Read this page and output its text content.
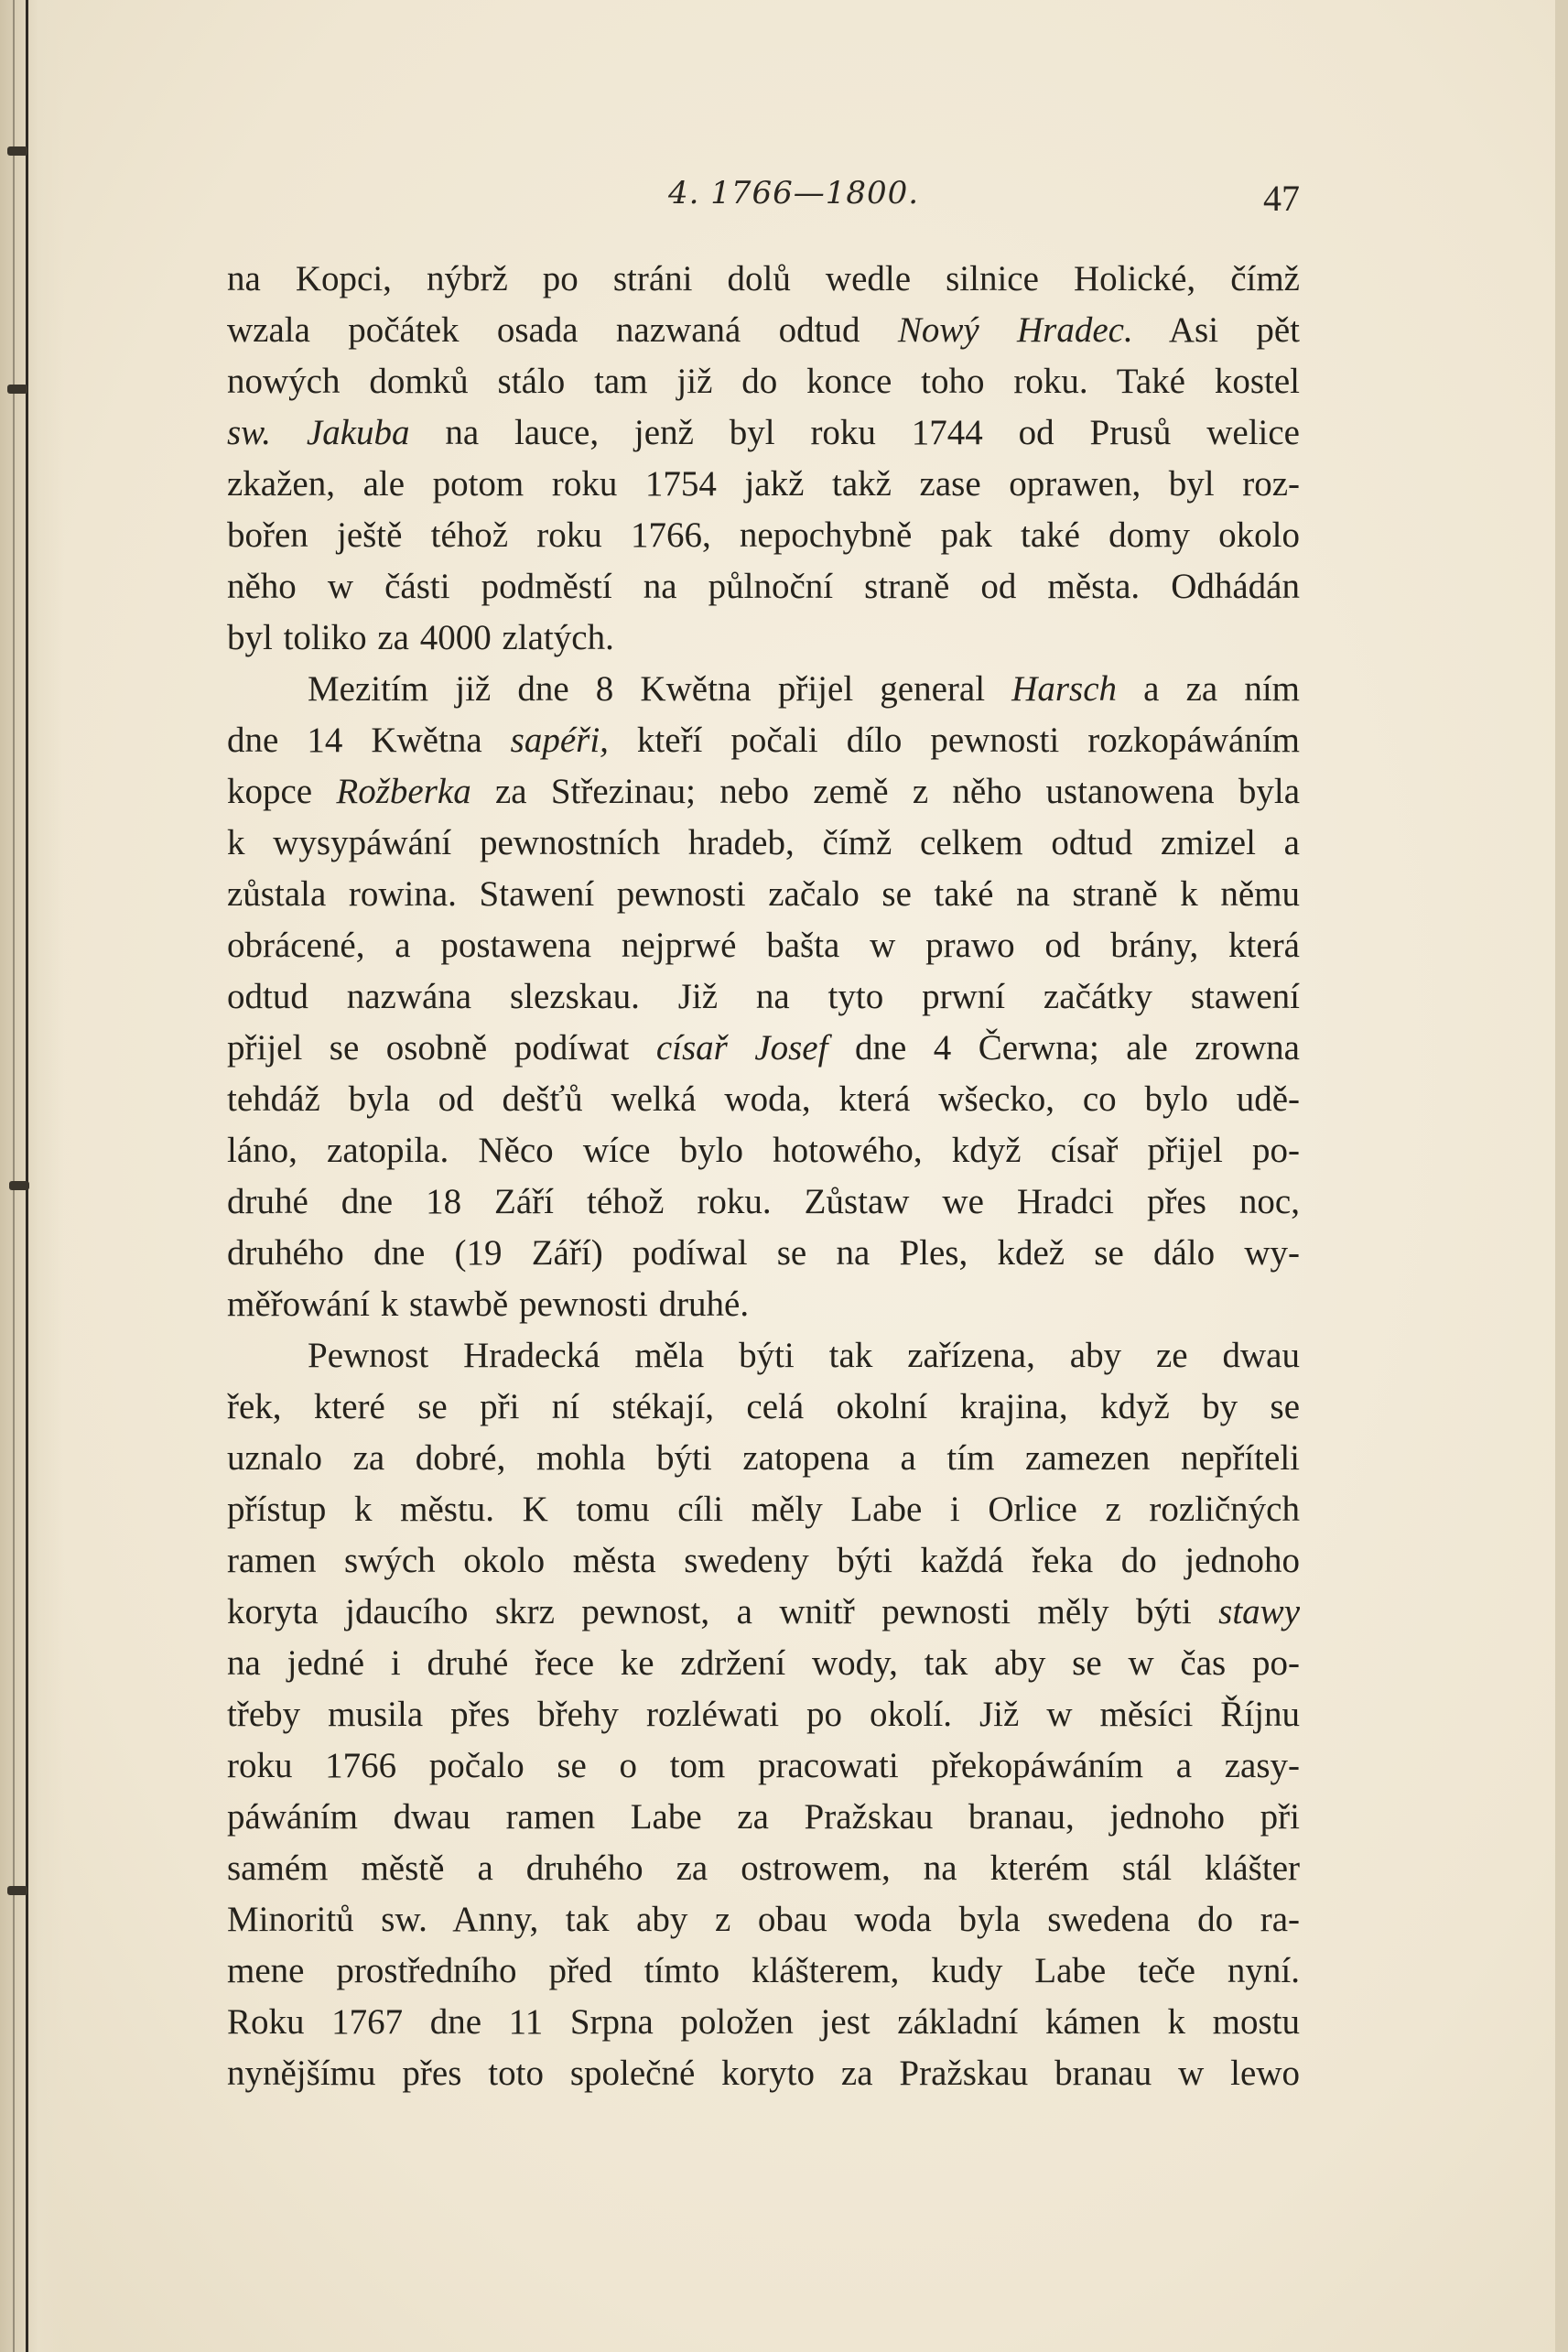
4. 1766—1800.	47
na Kopci, nýbrž po stráni dolů wedle silnice Holické, čímž
wzala počátek osada nazwaná odtud Nowý Hradec. Asi pět
nowých domků stálo tam již do konce toho roku. Také kostel
sw. Jakuba na lauce, jenž byl roku 1744 od Prusů welice
zkažen, ale potom roku 1754 jakž takž zase oprawen, byl roz-
bořen ještě téhož roku 1766, nepochybně pak také domy okolo
něho w části podměstí na půlnoční straně od města. Odhádán
byl toliko za 4000 zlatých.
Mezitím již dne 8 Kwětna přijel general Harsch a za ním
dne 14 Kwětna sapéři, kteří počali dílo pewnosti rozkopáwáním
kopce Rožberka za Střezinau; nebo země z něho ustanowena byla
k wysypáwání pewnostních hradeb, čímž celkem odtud zmizel a
zůstala rowina. Stawení pewnosti začalo se také na straně k němu
obrácené, a postawena nejprwé bašta w prawo od brány, která
odtud nazwána slezskau. Již na tyto prwní začátky stawení
přijel se osobně podíwat císař Josef dne 4 Čerwna; ale zrowna
tehdáž byla od dešťů welká woda, která wšecko, co bylo udě-
láno, zatopila. Něco wíce bylo hotowého, když císař přijel po-
druhé dne 18 Září téhož roku. Zůstaw we Hradci přes noc,
druhého dne (19 Září) podíwal se na Ples, kdež se dálo wy-
měřowání k stawbě pewnosti druhé.
Pewnost Hradecká měla býti tak zařízena, aby ze dwau
řek, které se při ní stékají, celá okolní krajina, když by se
uznalo za dobré, mohla býti zatopena a tím zamezen nepříteli
přístup k městu. K tomu cíli měly Labe i Orlice z rozličných
ramen swých okolo města swedeny býti každá řeka do jednoho
koryta jdaucího skrz pewnost, a wnitř pewnosti měly býti stawy
na jedné i druhé řece ke zdržení wody, tak aby se w čas po-
třeby musila přes břehy rozléwati po okolí. Již w měsíci Říjnu
roku 1766 počalo se o tom pracowati překopáwáním a zasy-
páwáním dwau ramen Labe za Pražskau branau, jednoho při
samém městě a druhého za ostrowem, na kterém stál klášter
Minoritů sw. Anny, tak aby z obau woda byla swedena do ra-
mene prostředního před tímto klášterem, kudy Labe teče nyní.
Roku 1767 dne 11 Srpna položen jest základní kámen k mostu
nynějšímu přes toto společné koryto za Pražskau branau w lewo
